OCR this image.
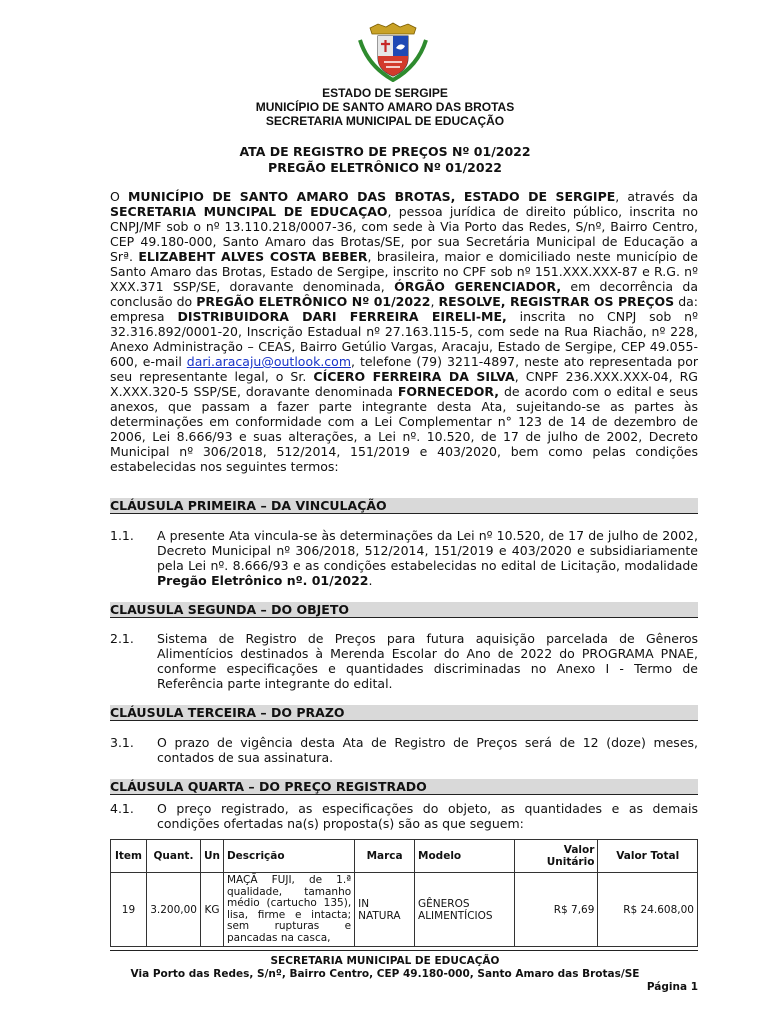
ESTADO DE SERGIPE
MUNICÍPIO DE SANTO AMARO DAS BROTAS
SECRETARIA MUNICIPAL DE EDUCAÇÃO
ATA DE REGISTRO DE PREÇOS Nº 01/2022
PREGÃO ELETRÔNICO Nº 01/2022
O MUNICÍPIO DE SANTO AMARO DAS BROTAS, ESTADO DE SERGIPE, através da SECRETARIA MUNCIPAL DE EDUCAÇAO, pessoa jurídica de direito público, inscrita no CNPJ/MF sob o nº 13.110.218/0007-36, com sede à Via Porto das Redes, S/nº, Bairro Centro, CEP 49.180-000, Santo Amaro das Brotas/SE, por sua Secretária Municipal de Educação a Srª. ELIZABEHT ALVES COSTA BEBER, brasileira, maior e domiciliado neste município de Santo Amaro das Brotas, Estado de Sergipe, inscrito no CPF sob nº 151.XXX.XXX-87 e R.G. nº XXX.371 SSP/SE, doravante denominada, ÓRGÃO GERENCIADOR, em decorrência da conclusão do PREGÃO ELETRÔNICO Nº 01/2022, RESOLVE, REGISTRAR OS PREÇOS da: empresa DISTRIBUIDORA DARI FERREIRA EIRELI-ME, inscrita no CNPJ sob nº 32.316.892/0001-20, Inscrição Estadual nº 27.163.115-5, com sede na Rua Riachão, nº 228, Anexo Administração – CEAS, Bairro Getúlio Vargas, Aracaju, Estado de Sergipe, CEP 49.055-600, e-mail dari.aracaju@outlook.com, telefone (79) 3211-4897, neste ato representada por seu representante legal, o Sr. CÍCERO FERREIRA DA SILVA, CNPF 236.XXX.XXX-04, RG X.XXX.320-5 SSP/SE, doravante denominada FORNECEDOR, de acordo com o edital e seus anexos, que passam a fazer parte integrante desta Ata, sujeitando-se as partes às determinações em conformidade com a Lei Complementar n° 123 de 14 de dezembro de 2006, Lei 8.666/93 e suas alterações, a Lei nº. 10.520, de 17 de julho de 2002, Decreto Municipal nº 306/2018, 512/2014, 151/2019 e 403/2020, bem como pelas condições estabelecidas nos seguintes termos:
CLÁUSULA PRIMEIRA – DA VINCULAÇÃO
1.1. A presente Ata vincula-se às determinações da Lei nº 10.520, de 17 de julho de 2002, Decreto Municipal nº 306/2018, 512/2014, 151/2019 e 403/2020 e subsidiariamente pela Lei nº. 8.666/93 e as condições estabelecidas no edital de Licitação, modalidade Pregão Eletrônico nº. 01/2022.
CLAUSULA SEGUNDA – DO OBJETO
2.1. Sistema de Registro de Preços para futura aquisição parcelada de Gêneros Alimentícios destinados à Merenda Escolar do Ano de 2022 do PROGRAMA PNAE, conforme especificações e quantidades discriminadas no Anexo I - Termo de Referência parte integrante do edital.
CLÁUSULA TERCEIRA – DO PRAZO
3.1. O prazo de vigência desta Ata de Registro de Preços será de 12 (doze) meses, contados de sua assinatura.
CLÁUSULA QUARTA – DO PREÇO REGISTRADO
4.1. O preço registrado, as especificações do objeto, as quantidades e as demais condições ofertadas na(s) proposta(s) são as que seguem:
Item	Quant.	Un	Descrição	Marca	Modelo	Valor Unitário	Valor Total
19	3.200,00	KG	MAÇÃ FUJI, de 1.ª qualidade, tamanho médio (cartucho 135), lisa, firme e intacta; sem rupturas e pancadas na casca,	IN NATURA	GÊNEROS ALIMENTÍCIOS	R$ 7,69	R$ 24.608,00
SECRETARIA MUNICIPAL DE EDUCAÇÃO
Via Porto das Redes, S/nº, Bairro Centro, CEP 49.180-000, Santo Amaro das Brotas/SE
Página 1
